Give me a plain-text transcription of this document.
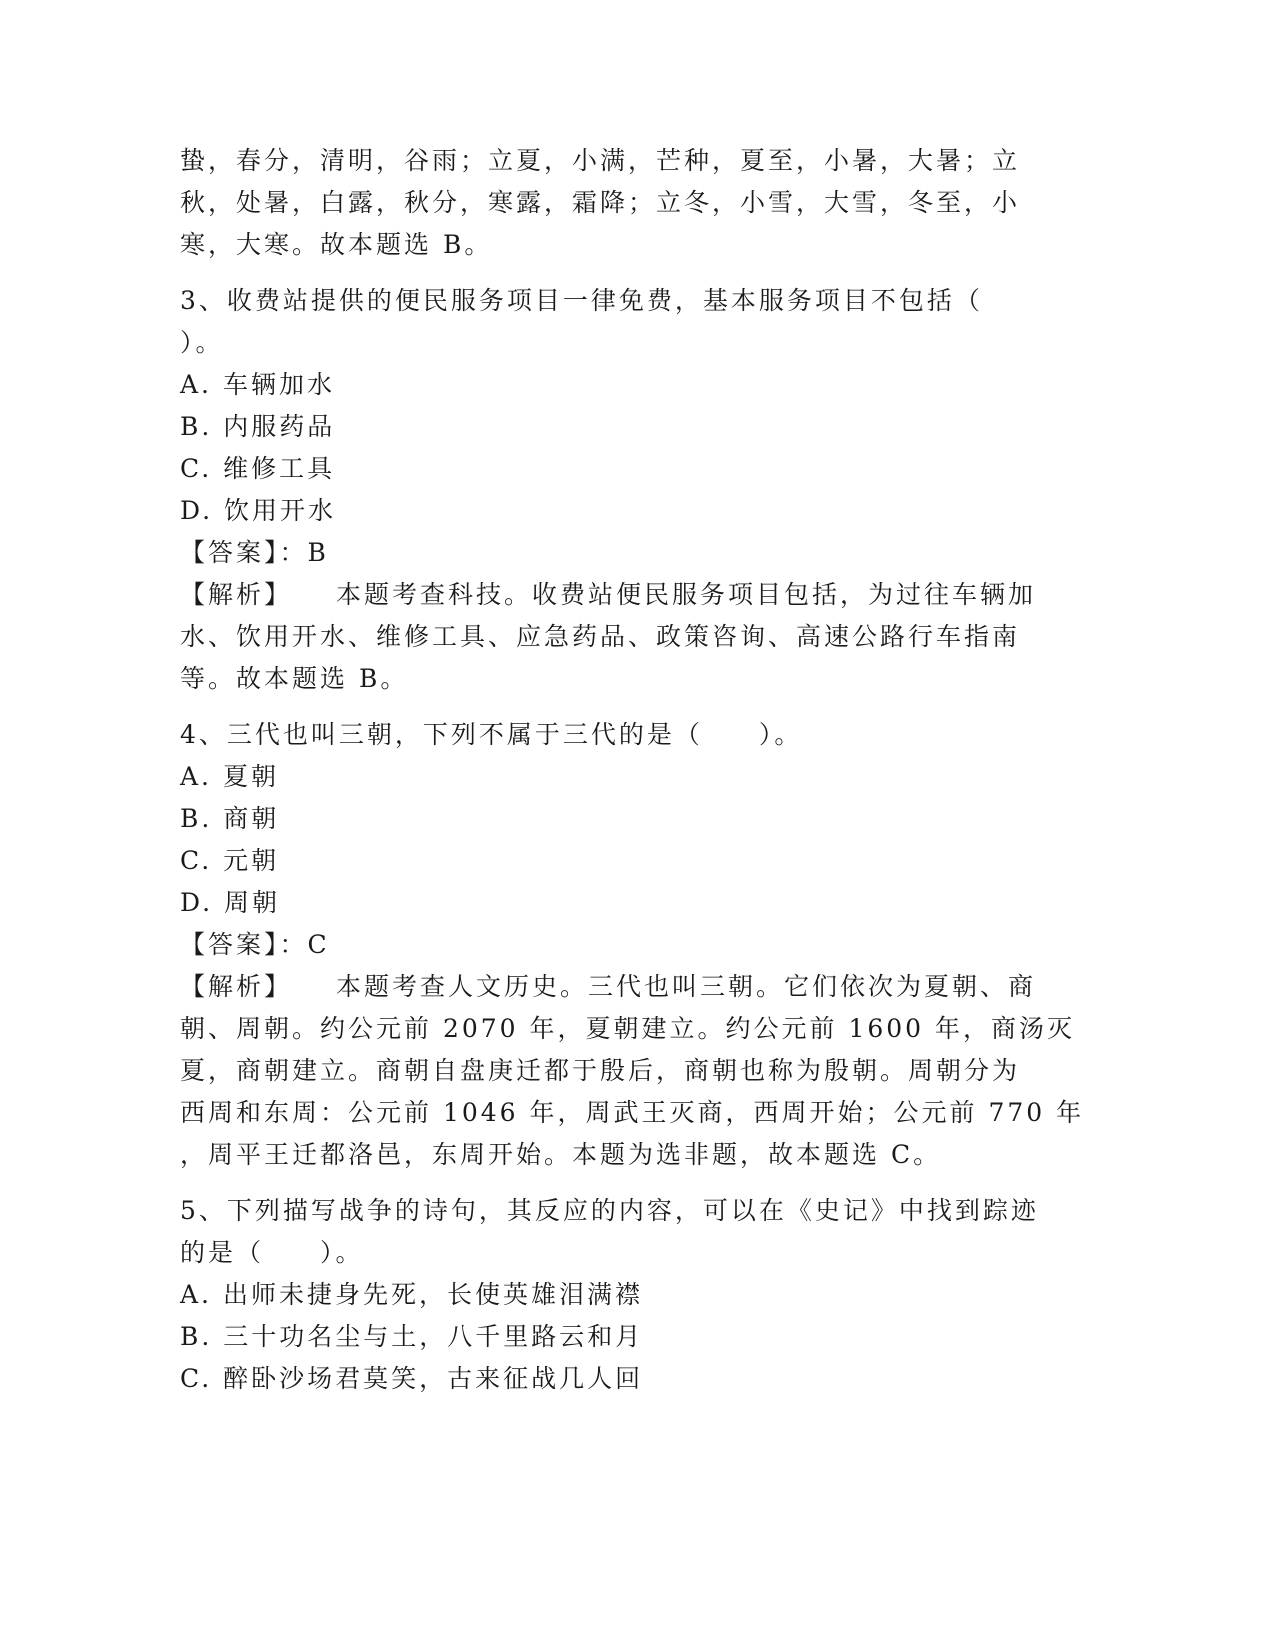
蛰，春分，清明，谷雨；立夏，小满，芒种，夏至，小暑，大暑；立
秋，处暑，白露，秋分，寒露，霜降；立冬，小雪，大雪，冬至，小
寒，大寒。故本题选 B。
3、收费站提供的便民服务项目一律免费，基本服务项目不包括（
）。
A. 车辆加水
B. 内服药品
C. 维修工具
D. 饮用开水
【答案】：B
【解析】 本题考查科技。收费站便民服务项目包括，为过往车辆加
水、饮用开水、维修工具、应急药品、政策咨询、高速公路行车指南
等。故本题选 B。
4、三代也叫三朝，下列不属于三代的是（　　）。
A. 夏朝
B. 商朝
C. 元朝
D. 周朝
【答案】：C
【解析】 本题考查人文历史。三代也叫三朝。它们依次为夏朝、商
朝、周朝。约公元前 2070 年，夏朝建立。约公元前 1600 年，商汤灭
夏，商朝建立。商朝自盘庚迁都于殷后，商朝也称为殷朝。周朝分为
西周和东周：公元前 1046 年，周武王灭商，西周开始；公元前 770 年
，周平王迁都洛邑，东周开始。本题为选非题，故本题选 C。
5、下列描写战争的诗句，其反应的内容，可以在《史记》中找到踪迹
的是（　　）。
A. 出师未捷身先死，长使英雄泪满襟
B. 三十功名尘与土，八千里路云和月
C. 醉卧沙场君莫笑，古来征战几人回
